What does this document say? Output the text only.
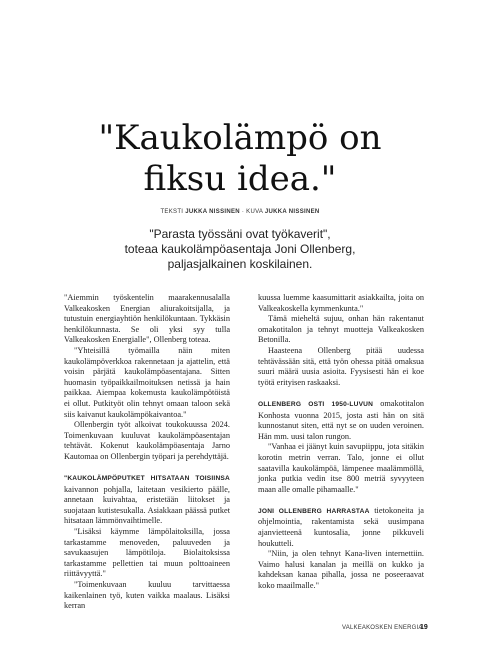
"Kaukolämpö on
fiksu idea."
TEKSTI JUKKA NISSINEN · KUVA JUKKA NISSINEN
"Parasta työssäni ovat työkaverit",
toteaa kaukolämpöasentaja Joni Ollenberg,
paljasjalkainen koskilainen.

"Aiemmin työskentelin maarakennusalalla Valkeakosken Energian aliurakoitsijalla, ja tutustuin energiayhtiön henkilökuntaan. Tykkäsin henkilökunnasta. Se oli yksi syy tulla Valkeakosken Energialle", Ollenberg toteaa.

"Yhteisillä työmailla näin miten kaukolämpöverkkoa rakennetaan ja ajattelin, että voisin pärjätä kaukolämpöasentajana. Sitten huomasin työpaikkailmoituksen netissä ja hain paikkaa. Aiempaa kokemusta kaukolämpötöistä ei ollut. Putkityöt olin tehnyt omaan taloon sekä siis kaivanut kaukolämpökaivantoa."

Ollenbergin työt alkoivat toukokuussa 2024. Toimenkuvaan kuuluvat kaukolämpöasentajan tehtävät. Kokenut kaukolämpöasentaja Jarno Kautomaa on Ollenbergin työpari ja perehdyttäjä.

"KAUKOLÄMPÖPUTKET HITSATAAN TOISIINSA kaivannon pohjalla, laitetaan vesikierto päälle, annetaan kuivahtaa, eristetään liitokset ja suojataan kutistesukalla. Asiakkaan päässä putket hitsataan lämmönvaihtimelle.

"Lisäksi käymme lämpölaitoksilla, jossa tarkastamme menoveden, paluuveden ja savukaasujen lämpötiloja. Biolaitoksissa tarkastamme pellettien tai muun polttoaineen riittävyyttä."

"Toimenkuvaan kuuluu tarvittaessa kaikenlainen työ, kuten vaikka maalaus. Lisäksi kerran

kuussa luemme kaasumittarit asiakkailta, joita on Valkeakoskella kymmenkuntа."

Tämä mieheltä sujuu, onhan hän rakentanut omakotitalon ja tehnyt muotteja Valkeakosken Betonilla.

Haasteena Ollenberg pitää uudessa tehtävässään sitä, että työn ohessa pitää omaksua suuri määrä uusia asioita. Fyysisesti hän ei koe työtä erityisen raskaaksi.

OLLENBERG OSTI 1950-LUVUN omakotitalon Konhosta vuonna 2015, josta asti hän on sitä kunnostanut siten, että nyt se on uuden veroinen. Hän mm. uusi talon rungon.

"Vanhaa ei jäänyt kuin savupiippu, jota sitäkin korotin metrin verran. Talo, jonne ei ollut saatavilla kaukolämpöä, lämpenee maalämmöllä, jonka putkia vedin itse 800 metriä syvyyteen maan alle omalle pihamaalle."

JONI OLLENBERG HARRASTAA tietokoneita ja ohjelmointia, rakentamista sekä uusimpana ajanvietteenä kuntosalia, jonne pikkuveli houkutteli.

"Niin, ja olen tehnyt Kana-liven internettiin. Vaimo halusi kanalan ja meillä on kukko ja kahdeksan kanaa pihalla, jossa ne poseeraavat koko maailmalle."

VALKEAKOSKEN ENERGIA
19
